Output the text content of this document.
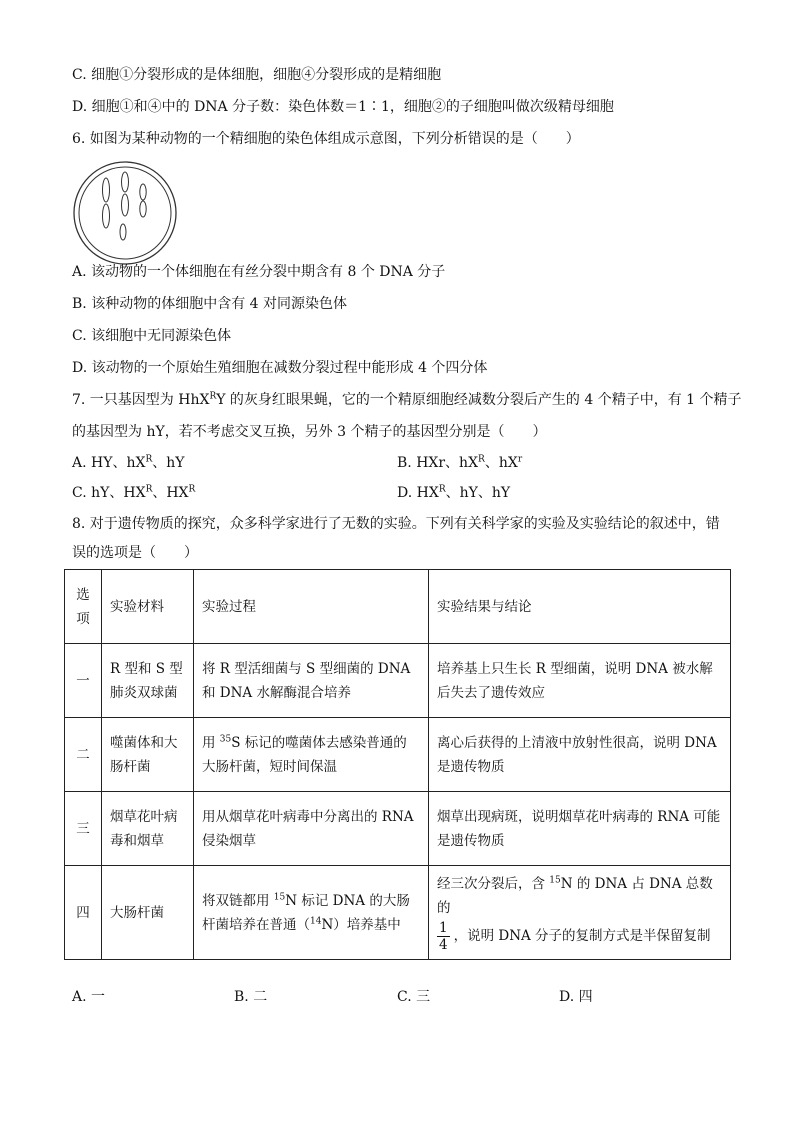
C. 细胞①分裂形成的是体细胞，细胞④分裂形成的是精细胞
D. 细胞①和④中的 DNA 分子数：染色体数＝1∶1，细胞②的子细胞叫做次级精母细胞
6. 如图为某种动物的一个精细胞的染色体组成示意图，下列分析错误的是（　　）
A. 该动物的一个体细胞在有丝分裂中期含有 8 个 DNA 分子
B. 该种动物的体细胞中含有 4 对同源染色体
C. 该细胞中无同源染色体
D. 该动物的一个原始生殖细胞在减数分裂过程中能形成 4 个四分体
7. 一只基因型为 HhX$^R$Y 的灰身红眼果蝇，它的一个精原细胞经减数分裂后产生的 4 个精子中，有 1 个精子
的基因型为 hY，若不考虑交叉互换，另外 3 个精子的基因型分别是（　　）
A. HY、$hX^R$、hY	B. HXr、$hX^R$、$hX^r$
C. hY、$HX^R$、$HX^R$	D. $HX^R$、hY、hY
8. 对于遗传物质的探究，众多科学家进行了无数的实验。下列有关科学家的实验及实验结论的叙述中，错
误的选项是（　　）
选项	实验材料	实验过程	实验结果与结论
一	R 型和 S 型肺炎双球菌	将 R 型活细菌与 S 型细菌的 DNA 和 DNA 水解酶混合培养	培养基上只生长 R 型细菌，说明 DNA 被水解后失去了遗传效应
二	噬菌体和大肠杆菌	用 $^{35}$S 标记的噬菌体去感染普通的大肠杆菌，短时间保温	离心后获得的上清液中放射性很高，说明 DNA 是遗传物质
三	烟草花叶病毒和烟草	用从烟草花叶病毒中分离出的 RNA 侵染烟草	烟草出现病斑，说明烟草花叶病毒的 RNA 可能是遗传物质
四	大肠杆菌	将双链都用 $^{15}$N 标记 DNA 的大肠杆菌培养在普通（$^{14}$N）培养基中	经三次分裂后，含 $^{15}$N 的 DNA 占 DNA 总数的

$\frac{1}{4}$ ，说明 DNA 分子的复制方式是半保留复制
A. 一	B. 二	C. 三	D. 四
